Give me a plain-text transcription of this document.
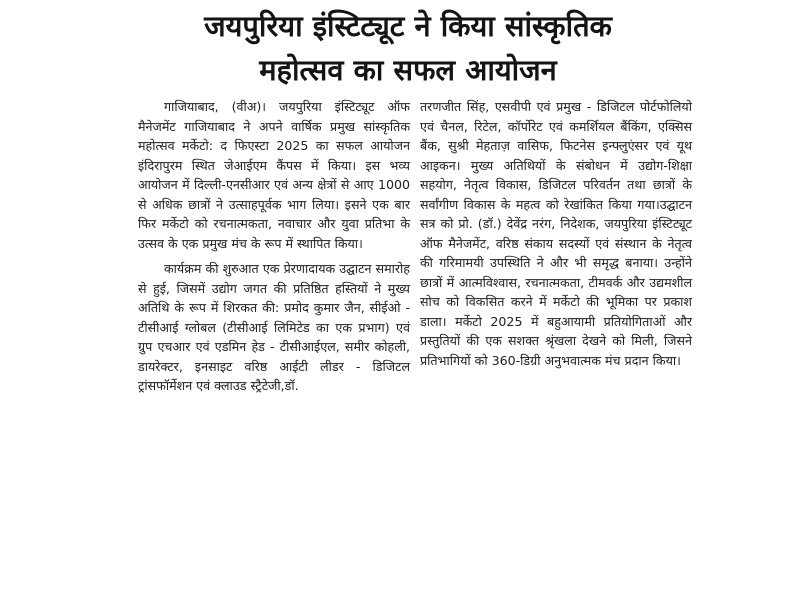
जयपुरिया इंस्टिट्यूट ने किया सांस्कृतिक
महोत्सव का सफल आयोजन

गाजियाबाद, (वीअ)। जयपुरिया इंस्टिट्यूट ऑफ मैनेजमेंट गाजियाबाद ने अपने वार्षिक प्रमुख सांस्कृतिक महोत्सव मर्केटो: द फिएस्टा 2025 का सफल आयोजन इंदिरापुरम स्थित जेआईएम कैंपस में किया। इस भव्य आयोजन में दिल्ली-एनसीआर एवं अन्य क्षेत्रों से आए 1000 से अधिक छात्रों ने उत्साहपूर्वक भाग लिया। इसने एक बार फिर मर्केटो को रचनात्मकता, नवाचार और युवा प्रतिभा के उत्सव के एक प्रमुख मंच के रूप में स्थापित किया।

कार्यक्रम की शुरुआत एक प्रेरणादायक उद्घाटन समारोह से हुई, जिसमें उद्योग जगत की प्रतिष्ठित हस्तियों ने मुख्य अतिथि के रूप में शिरकत की: प्रमोद कुमार जैन, सीईओ - टीसीआई ग्लोबल (टीसीआई लिमिटेड का एक प्रभाग) एवं ग्रुप एचआर एवं एडमिन हेड - टीसीआईएल, समीर कोहली, डायरेक्टर, इनसाइट वरिष्ठ आईटी लीडर - डिजिटल ट्रांसफॉर्मेशन एवं क्लाउड स्ट्रैटेजी,डॉ.

तरणजीत सिंह, एसवीपी एवं प्रमुख - डिजिटल पोर्टफोलियो एवं चैनल, रिटेल, कॉर्पोरेट एवं कमर्शियल बैंकिंग, एक्सिस बैंक, सुश्री मेहताज़ वासिफ, फिटनेस इन्फ्लुएंसर एवं यूथ आइकन। मुख्य अतिथियों के संबोधन में उद्योग-शिक्षा सहयोग, नेतृत्व विकास, डिजिटल परिवर्तन तथा छात्रों के सर्वांगीण विकास के महत्व को रेखांकित किया गया।उद्घाटन सत्र को प्रो. (डॉ.) देवेंद्र नरंग, निदेशक, जयपुरिया इंस्टिट्यूट ऑफ मैनेजमेंट, वरिष्ठ संकाय सदस्यों एवं संस्थान के नेतृत्व की गरिमामयी उपस्थिति ने और भी समृद्ध बनाया। उन्होंने छात्रों में आत्मविश्वास, रचनात्मकता, टीमवर्क और उद्यमशील सोच को विकसित करने में मर्केटो की भूमिका पर प्रकाश डाला। मर्केटो 2025 में बहुआयामी प्रतियोगिताओं और प्रस्तुतियों की एक सशक्त श्रृंखला देखने को मिली, जिसने प्रतिभागियों को 360-डिग्री अनुभवात्मक मंच प्रदान किया।
